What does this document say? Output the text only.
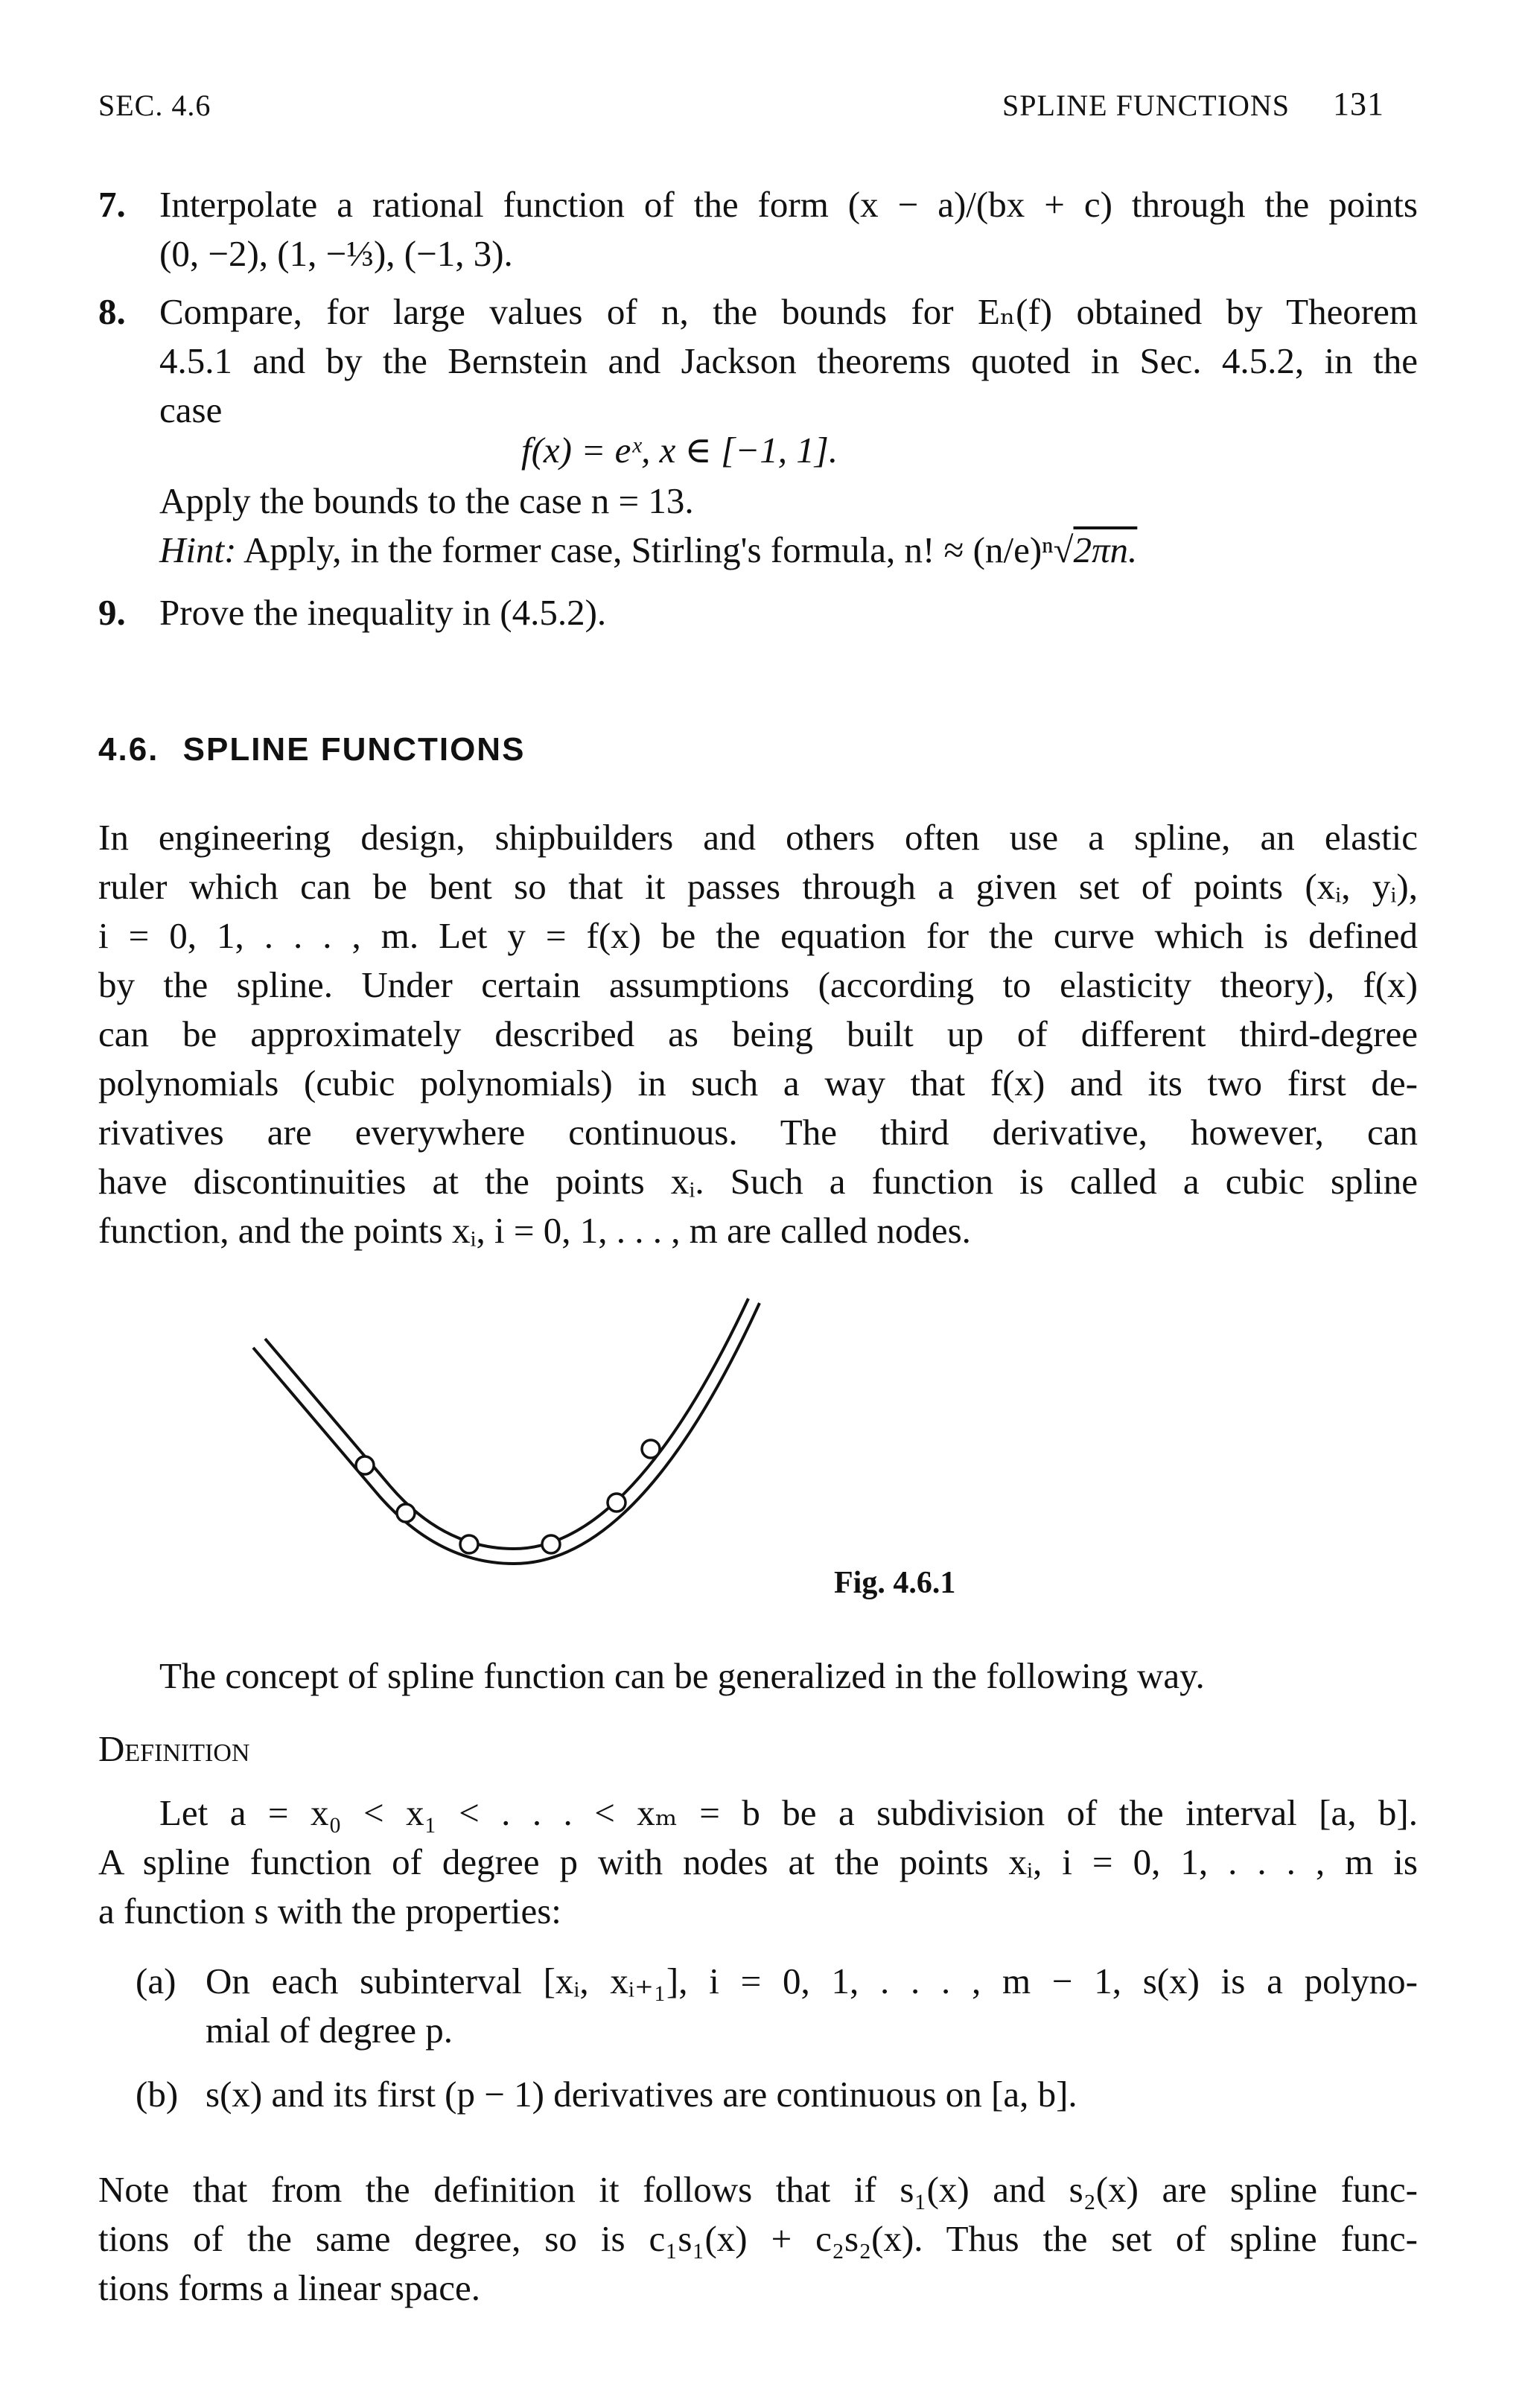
SEC. 4.6	SPLINE FUNCTIONS 131
7. Interpolate a rational function of the form (x − a)/(bx + c) through the points
(0, −2), (1, −⅓), (−1, 3).
8. Compare, for large values of n, the bounds for Eₙ(f) obtained by Theorem
4.5.1 and by the Bernstein and Jackson theorems quoted in Sec. 4.5.2, in the
case
f(x) = eˣ, x ∈ [−1, 1].
Apply the bounds to the case n = 13.
Hint: Apply, in the former case, Stirling's formula, n! ≈ (n/e)ⁿ√2πn.
9. Prove the inequality in (4.5.2).
4.6. SPLINE FUNCTIONS
In engineering design, shipbuilders and others often use a spline, an elastic
ruler which can be bent so that it passes through a given set of points (xᵢ, yᵢ),
i = 0, 1, . . . , m. Let y = f(x) be the equation for the curve which is defined
by the spline. Under certain assumptions (according to elasticity theory), f(x)
can be approximately described as being built up of different third-degree
polynomials (cubic polynomials) in such a way that f(x) and its two first de-
rivatives are everywhere continuous. The third derivative, however, can
have discontinuities at the points xᵢ. Such a function is called a cubic spline
function, and the points xᵢ, i = 0, 1, . . . , m are called nodes.
Fig. 4.6.1
The concept of spline function can be generalized in the following way.
Definition
Let a = x₀ < x₁ < . . . < xₘ = b be a subdivision of the interval [a, b].
A spline function of degree p with nodes at the points xᵢ, i = 0, 1, . . . , m is
a function s with the properties:
(a) On each subinterval [xᵢ, xᵢ₊₁], i = 0, 1, . . . , m − 1, s(x) is a polyno-
mial of degree p.
(b) s(x) and its first (p − 1) derivatives are continuous on [a, b].
Note that from the definition it follows that if s₁(x) and s₂(x) are spline func-
tions of the same degree, so is c₁s₁(x) + c₂s₂(x). Thus the set of spline func-
tions forms a linear space.
